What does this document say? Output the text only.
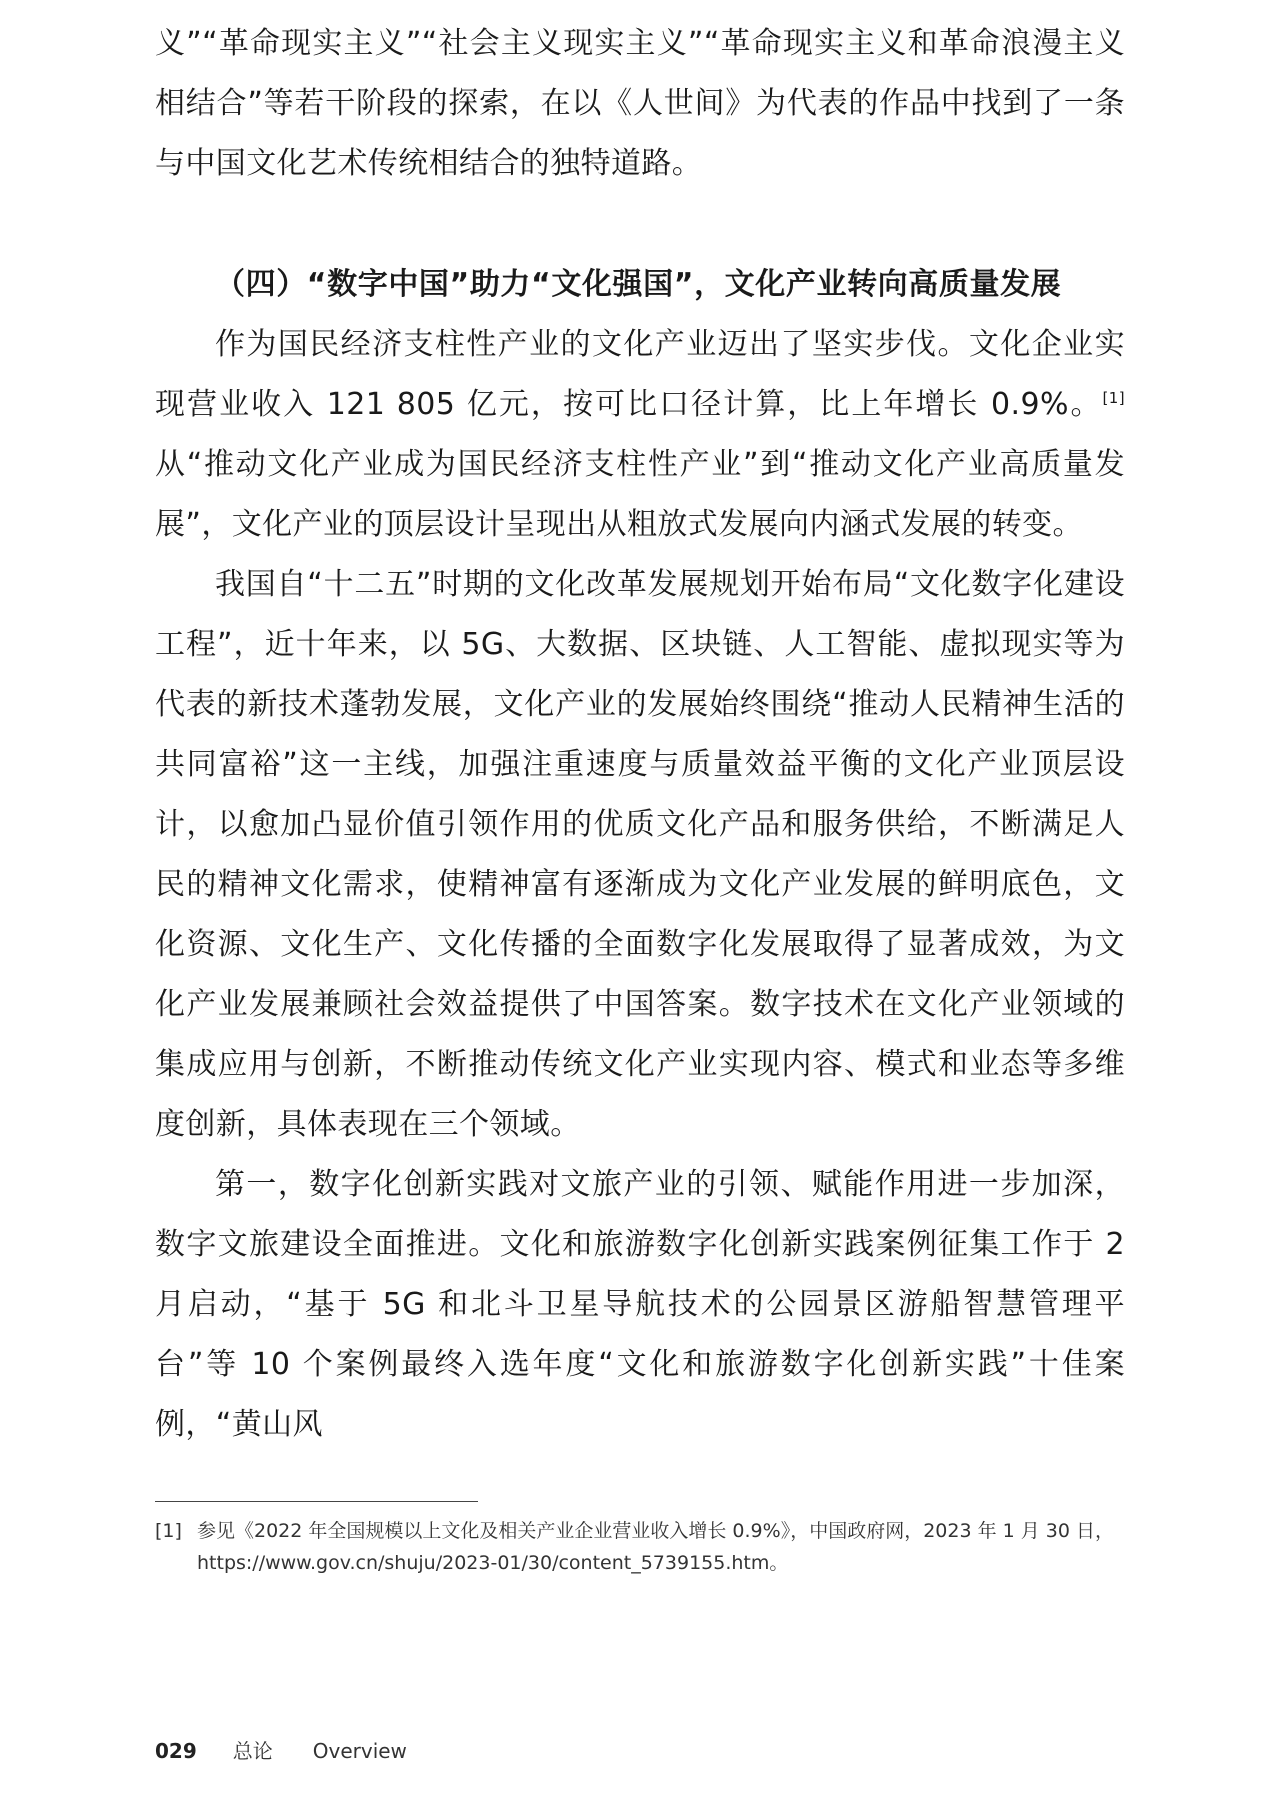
义”“革命现实主义”“社会主义现实主义”“革命现实主义和革命浪漫主义相结合”等若干阶段的探索，在以《人世间》为代表的作品中找到了一条与中国文化艺术传统相结合的独特道路。

（四）“数字中国”助力“文化强国”，文化产业转向高质量发展

作为国民经济支柱性产业的文化产业迈出了坚实步伐。文化企业实现营业收入 121 805 亿元，按可比口径计算，比上年增长 0.9%。[1] 从“推动文化产业成为国民经济支柱性产业”到“推动文化产业高质量发展”，文化产业的顶层设计呈现出从粗放式发展向内涵式发展的转变。

我国自“十二五”时期的文化改革发展规划开始布局“文化数字化建设工程”，近十年来，以 5G、大数据、区块链、人工智能、虚拟现实等为代表的新技术蓬勃发展，文化产业的发展始终围绕“推动人民精神生活的共同富裕”这一主线，加强注重速度与质量效益平衡的文化产业顶层设计，以愈加凸显价值引领作用的优质文化产品和服务供给，不断满足人民的精神文化需求，使精神富有逐渐成为文化产业发展的鲜明底色，文化资源、文化生产、文化传播的全面数字化发展取得了显著成效，为文化产业发展兼顾社会效益提供了中国答案。数字技术在文化产业领域的集成应用与创新，不断推动传统文化产业实现内容、模式和业态等多维度创新，具体表现在三个领域。

第一，数字化创新实践对文旅产业的引领、赋能作用进一步加深，数字文旅建设全面推进。文化和旅游数字化创新实践案例征集工作于 2 月启动，“基于 5G 和北斗卫星导航技术的公园景区游船智慧管理平台”等 10 个案例最终入选年度“文化和旅游数字化创新实践”十佳案例，“黄山风

[1] 参见《2022 年全国规模以上文化及相关产业企业营业收入增长 0.9%》，中国政府网，2023 年 1 月 30 日，https://www.gov.cn/shuju/2023-01/30/content_5739155.htm。
029 总论 Overview
